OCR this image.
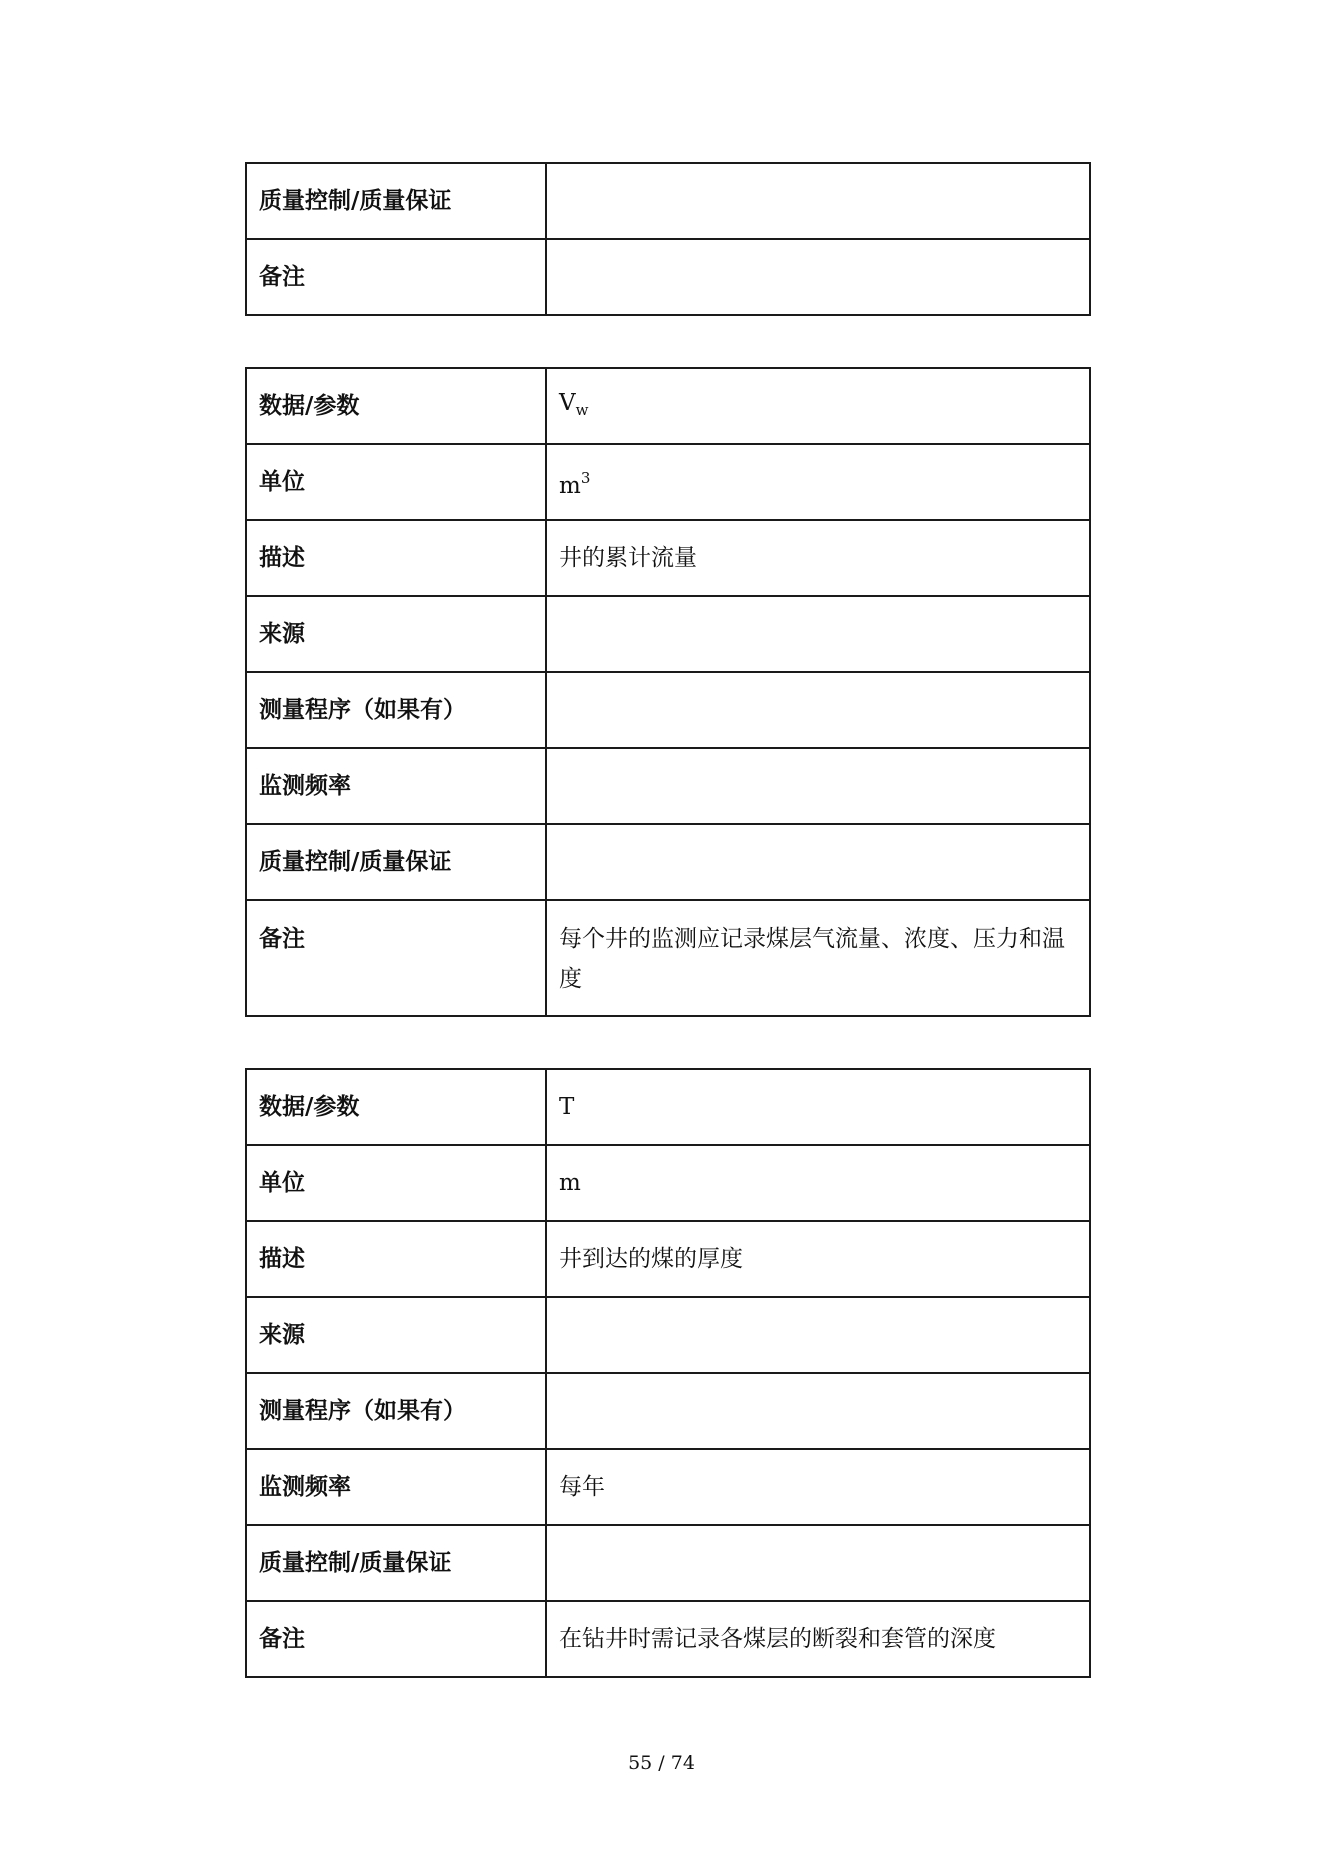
质量控制/质量保证	
备注	
数据/参数	$V_w$
单位	$m^3$
描述	井的累计流量
来源	
测量程序（如果有）	
监测频率	
质量控制/质量保证	
备注	每个井的监测应记录煤层气流量、浓度、压力和温度
数据/参数	T
单位	m
描述	井到达的煤的厚度
来源	
测量程序（如果有）	
监测频率	每年
质量控制/质量保证	
备注	在钻井时需记录各煤层的断裂和套管的深度
55 / 74
